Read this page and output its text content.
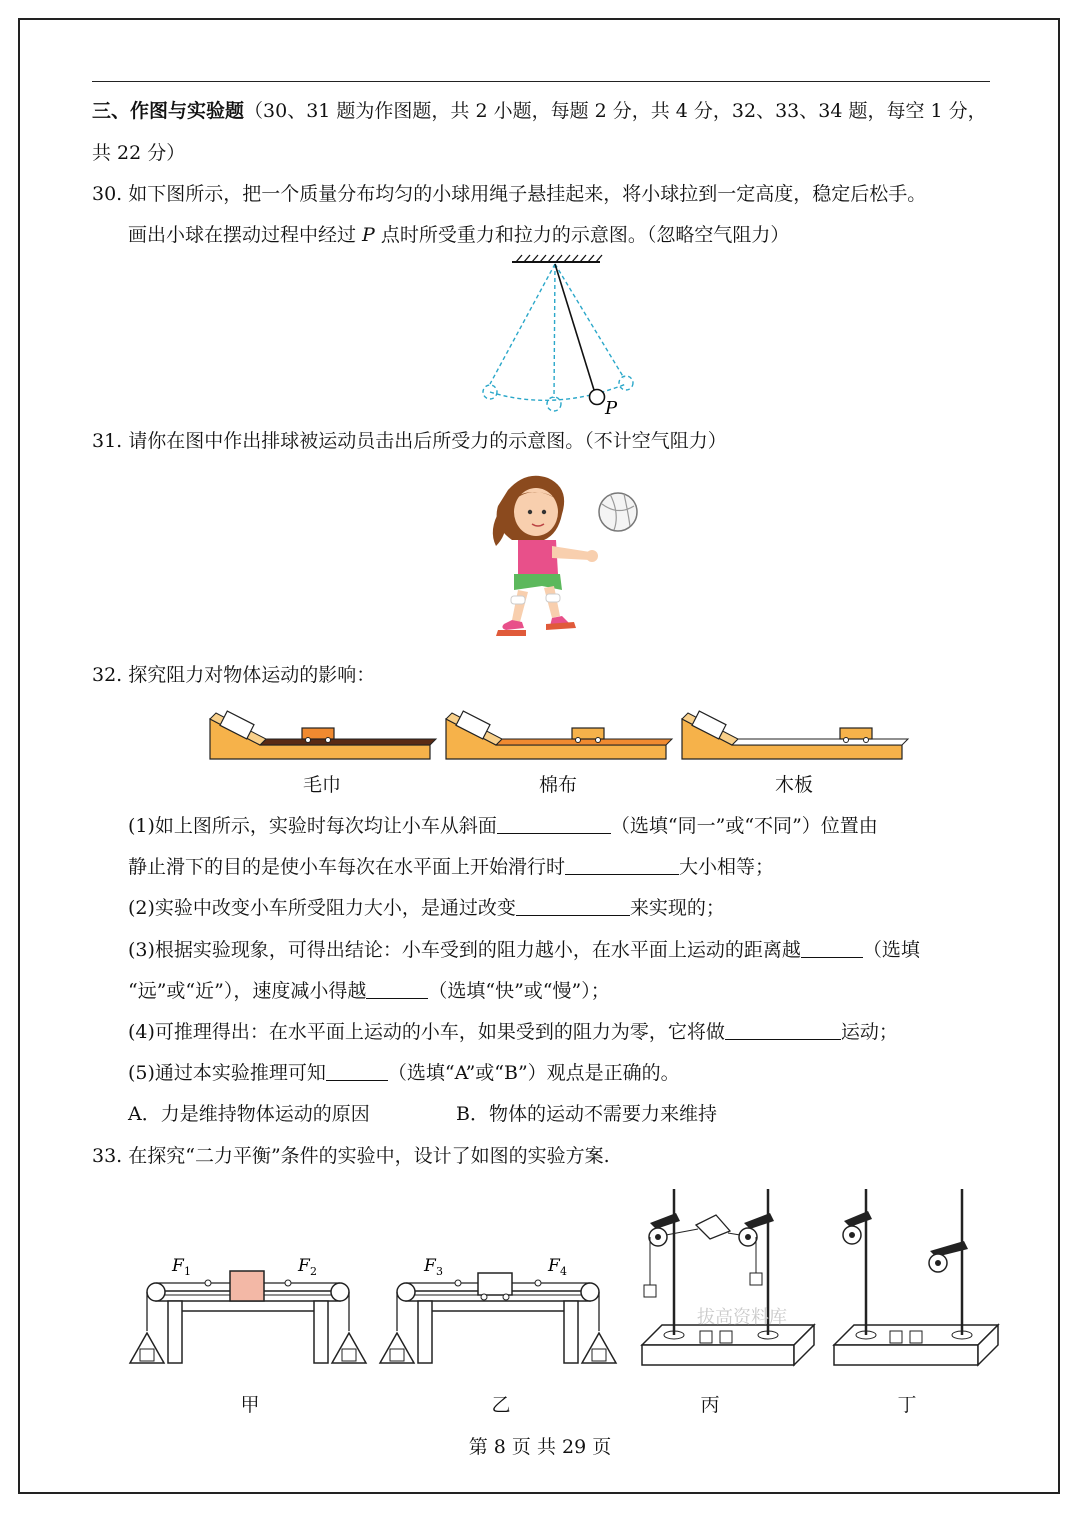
三、作图与实验题（30、31 题为作图题，共 2 小题，每题 2 分，共 4 分，32、33、34 题，每空 1 分，
共 22 分）
30. 如下图所示，把一个质量分布均匀的小球用绳子悬挂起来，将小球拉到一定高度，稳定后松手。
画出小球在摆动过程中经过 P 点时所受重力和拉力的示意图。（忽略空气阻力）
P
31. 请你在图中作出排球被运动员击出后所受力的示意图。（不计空气阻力）
32. 探究阻力对物体运动的影响：
毛巾	棉布	木板
(1)如上图所示，实验时每次均让小车从斜面	（选填“同一”或“不同”）位置由
静止滑下的目的是使小车每次在水平面上开始滑行时	大小相等；
(2)实验中改变小车所受阻力大小，是通过改变	来实现的；
(3)根据实验现象，可得出结论：小车受到的阻力越小，在水平面上运动的距离越	（选填
“远”或“近”），速度减小得越	（选填“快”或“慢”）；
(4)可推理得出：在水平面上运动的小车，如果受到的阻力为零，它将做	运动；
(5)通过本实验推理可知	（选填“A”或“B”）观点是正确的。
A．力是维持物体运动的原因	B．物体的运动不需要力来维持
33. 在探究“二力平衡”条件的实验中，设计了如图的实验方案.
F 1	F 2	F 3	F 4
甲	乙	丙	丁
拔高资料库
第 8 页 共 29 页
